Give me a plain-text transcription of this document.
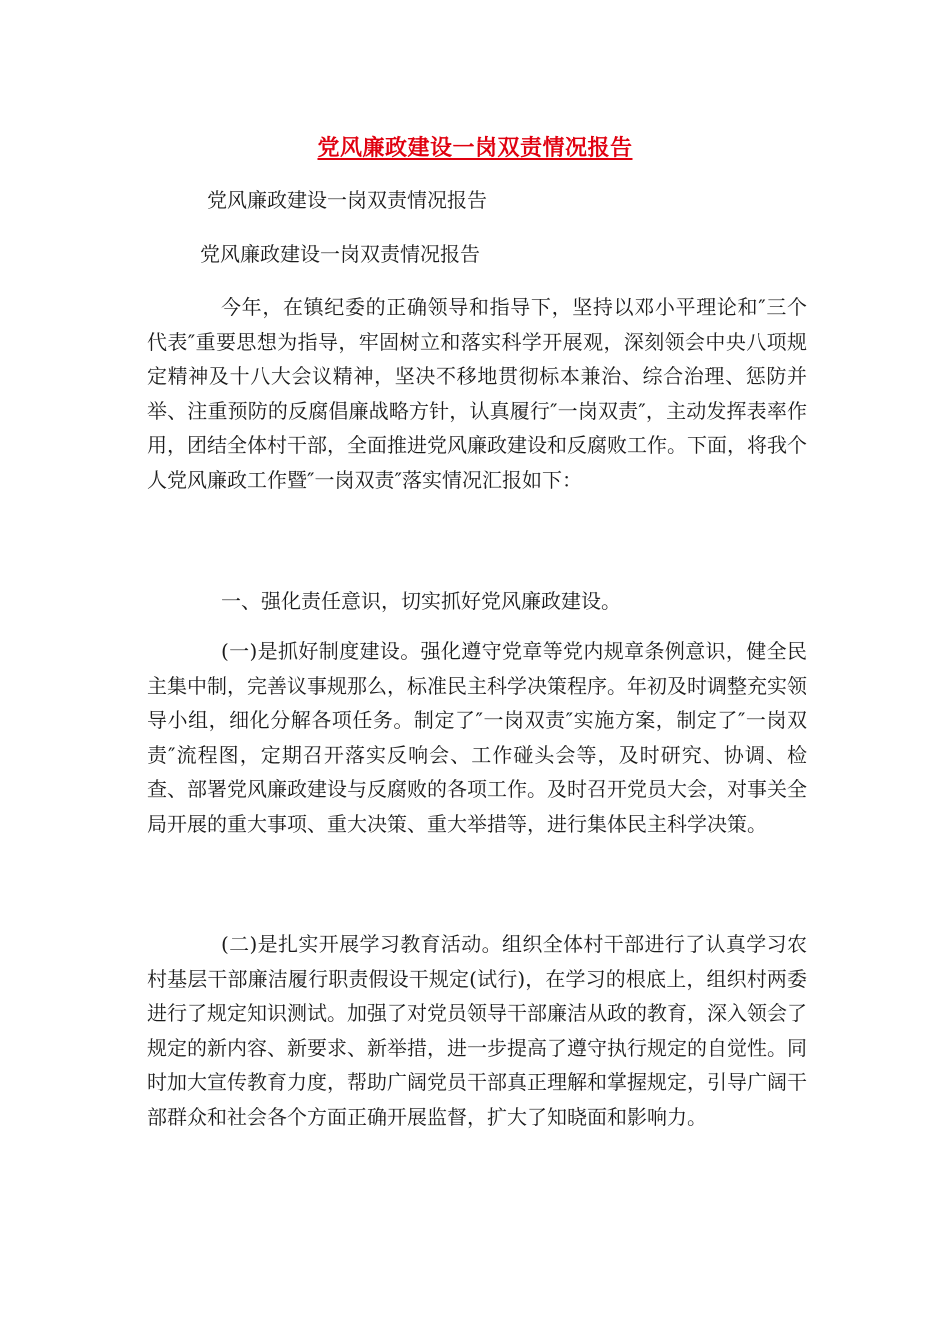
党风廉政建设一岗双责情况报告
党风廉政建设一岗双责情况报告
党风廉政建设一岗双责情况报告

今年，在镇纪委的正确领导和指导下，坚持以邓小平理论和″三个代表″重要思想为指导，牢固树立和落实科学开展观，深刻领会中央八项规定精神及十八大会议精神，坚决不移地贯彻标本兼治、综合治理、惩防并举、注重预防的反腐倡廉战略方针，认真履行″一岗双责″，主动发挥表率作用，团结全体村干部，全面推进党风廉政建设和反腐败工作。下面，将我个人党风廉政工作暨″一岗双责″落实情况汇报如下：

一、强化责任意识，切实抓好党风廉政建设。

(一)是抓好制度建设。强化遵守党章等党内规章条例意识，健全民主集中制，完善议事规那么，标准民主科学决策程序。年初及时调整充实领导小组，细化分解各项任务。制定了″一岗双责″实施方案，制定了″一岗双责″流程图，定期召开落实反响会、工作碰头会等，及时研究、协调、检查、部署党风廉政建设与反腐败的各项工作。及时召开党员大会，对事关全局开展的重大事项、重大决策、重大举措等，进行集体民主科学决策。

(二)是扎实开展学习教育活动。组织全体村干部进行了认真学习农村基层干部廉洁履行职责假设干规定(试行)，在学习的根底上，组织村两委进行了规定知识测试。加强了对党员领导干部廉洁从政的教育，深入领会了规定的新内容、新要求、新举措，进一步提高了遵守执行规定的自觉性。同时加大宣传教育力度，帮助广阔党员干部真正理解和掌握规定，引导广阔干部群众和社会各个方面正确开展监督，扩大了知晓面和影响力。
